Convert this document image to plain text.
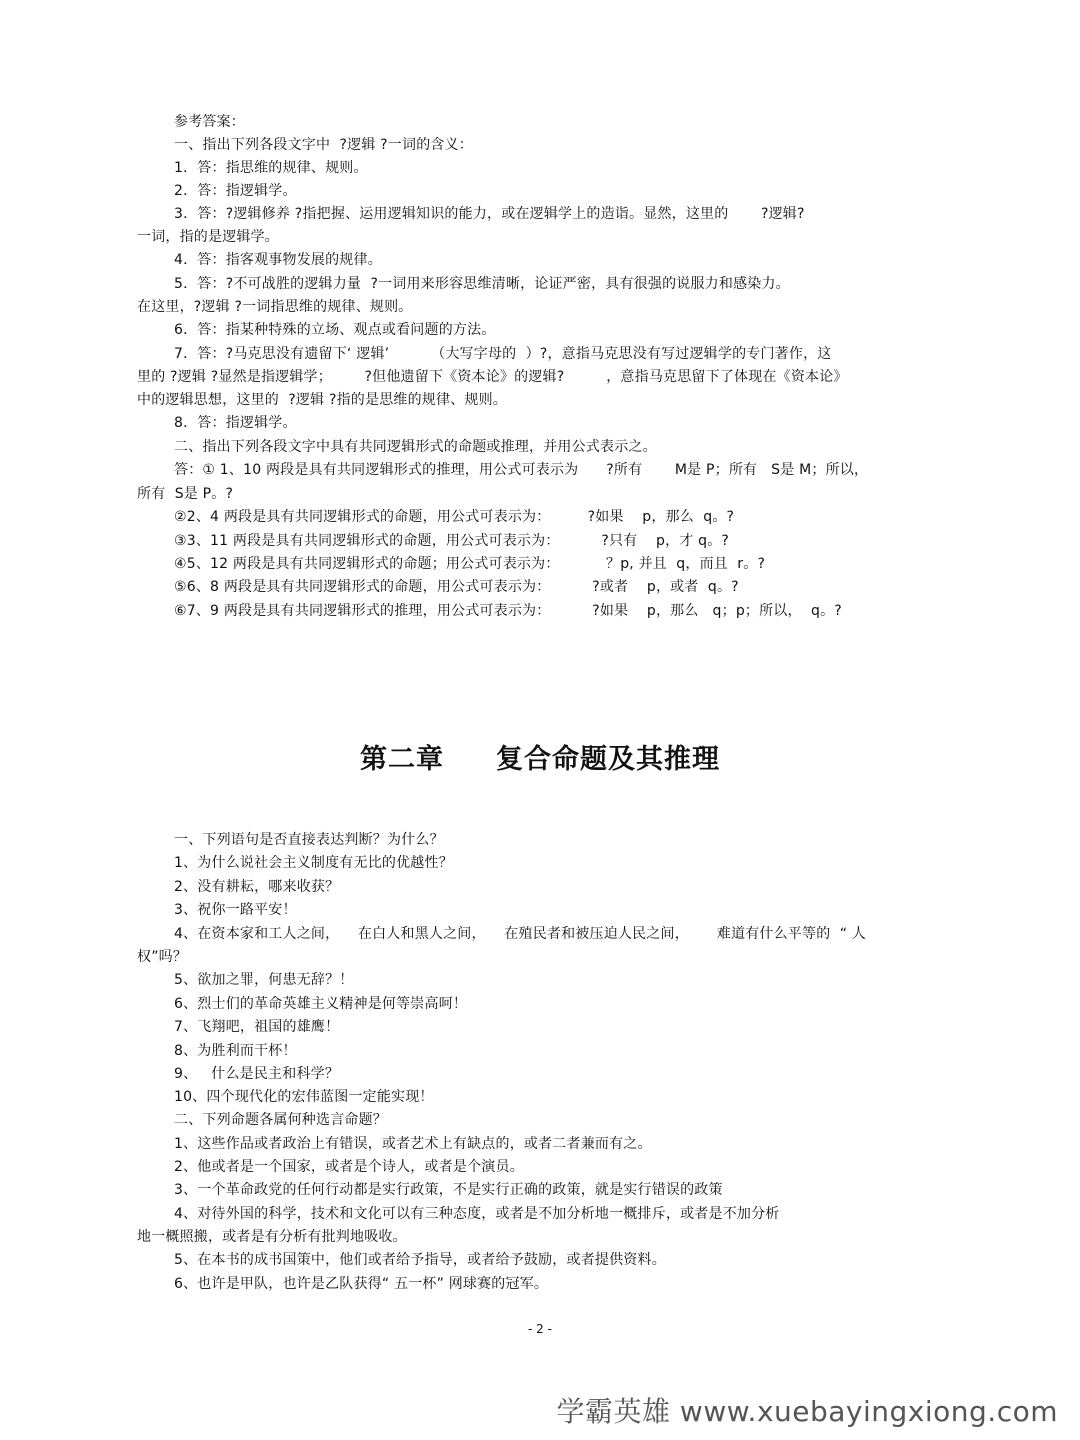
参考答案：

一、指出下列各段文字中  ?逻辑 ?一词的含义：

1．答：指思维的规律、规则。

2．答：指逻辑学。

3．答：?逻辑修养 ?指把握、运用逻辑知识的能力，或在逻辑学上的造诣。显然，这里的       ?逻辑?

一词，指的是逻辑学。

4．答：指客观事物发展的规律。

5．答：?不可战胜的逻辑力量  ?一词用来形容思维清晰，论证严密，具有很强的说服力和感染力。

在这里，?逻辑 ?一词指思维的规律、规则。

6．答：指某种特殊的立场、观点或看问题的方法。

7．答：?马克思没有遗留下‘ 逻辑’         （大写字母的  ）?，意指马克思没有写过逻辑学的专门著作，这

里的 ?逻辑 ?显然是指逻辑学；       ?但他遗留下《资本论》的逻辑?         ，意指马克思留下了体现在《资本论》

中的逻辑思想，这里的  ?逻辑 ?指的是思维的规律、规则。

8．答：指逻辑学。

二、指出下列各段文字中具有共同逻辑形式的命题或推理，并用公式表示之。

答：① 1、10 两段是具有共同逻辑形式的推理，用公式可表示为      ?所有       M是 P；所有   S是 M；所以，

所有  S是 P。?

②2、4 两段是具有共同逻辑形式的命题，用公式可表示为：        ?如果    p，那么  q。?

③3、11 两段是具有共同逻辑形式的命题，用公式可表示为：         ?只有    p，才 q。?

④5、12 两段是具有共同逻辑形式的命题；用公式可表示为：          ？p, 并且  q，而且  r。?

⑤6、8 两段是具有共同逻辑形式的命题，用公式可表示为：         ?或者    p，或者  q。?

⑥7、9 两段是具有共同逻辑形式的推理，用公式可表示为：         ?如果    p，那么   q；p；所以，  q。?

第二章     复合命题及其推理

一、下列语句是否直接表达判断？为什么？

1、为什么说社会主义制度有无比的优越性？

2、没有耕耘，哪来收获？

3、祝你一路平安！

4、在资本家和工人之间，    在白人和黑人之间，    在殖民者和被压迫人民之间，      难道有什么平等的  “ 人

权”吗？

5、欲加之罪，何患无辞？！

6、烈士们的革命英雄主义精神是何等崇高呵！

7、飞翔吧，祖国的雄鹰！

8、为胜利而干杯！

9、   什么是民主和科学？

10、四个现代化的宏伟蓝图一定能实现！

二、下列命题各属何种选言命题？

1、这些作品或者政治上有错误，或者艺术上有缺点的，或者二者兼而有之。

2、他或者是一个国家，或者是个诗人，或者是个演员。

3、一个革命政党的任何行动都是实行政策，不是实行正确的政策，就是实行错误的政策

4、对待外国的科学，技术和文化可以有三种态度，或者是不加分析地一概排斥，或者是不加分析

地一概照搬，或者是有分析有批判地吸收。

5、在本书的成书国策中，他们或者给予指导，或者给予鼓励，或者提供资料。

6、也许是甲队，也许是乙队获得“ 五一杯” 网球赛的冠军。

- 2 -
学霸英雄 www.xuebayingxiong.com
